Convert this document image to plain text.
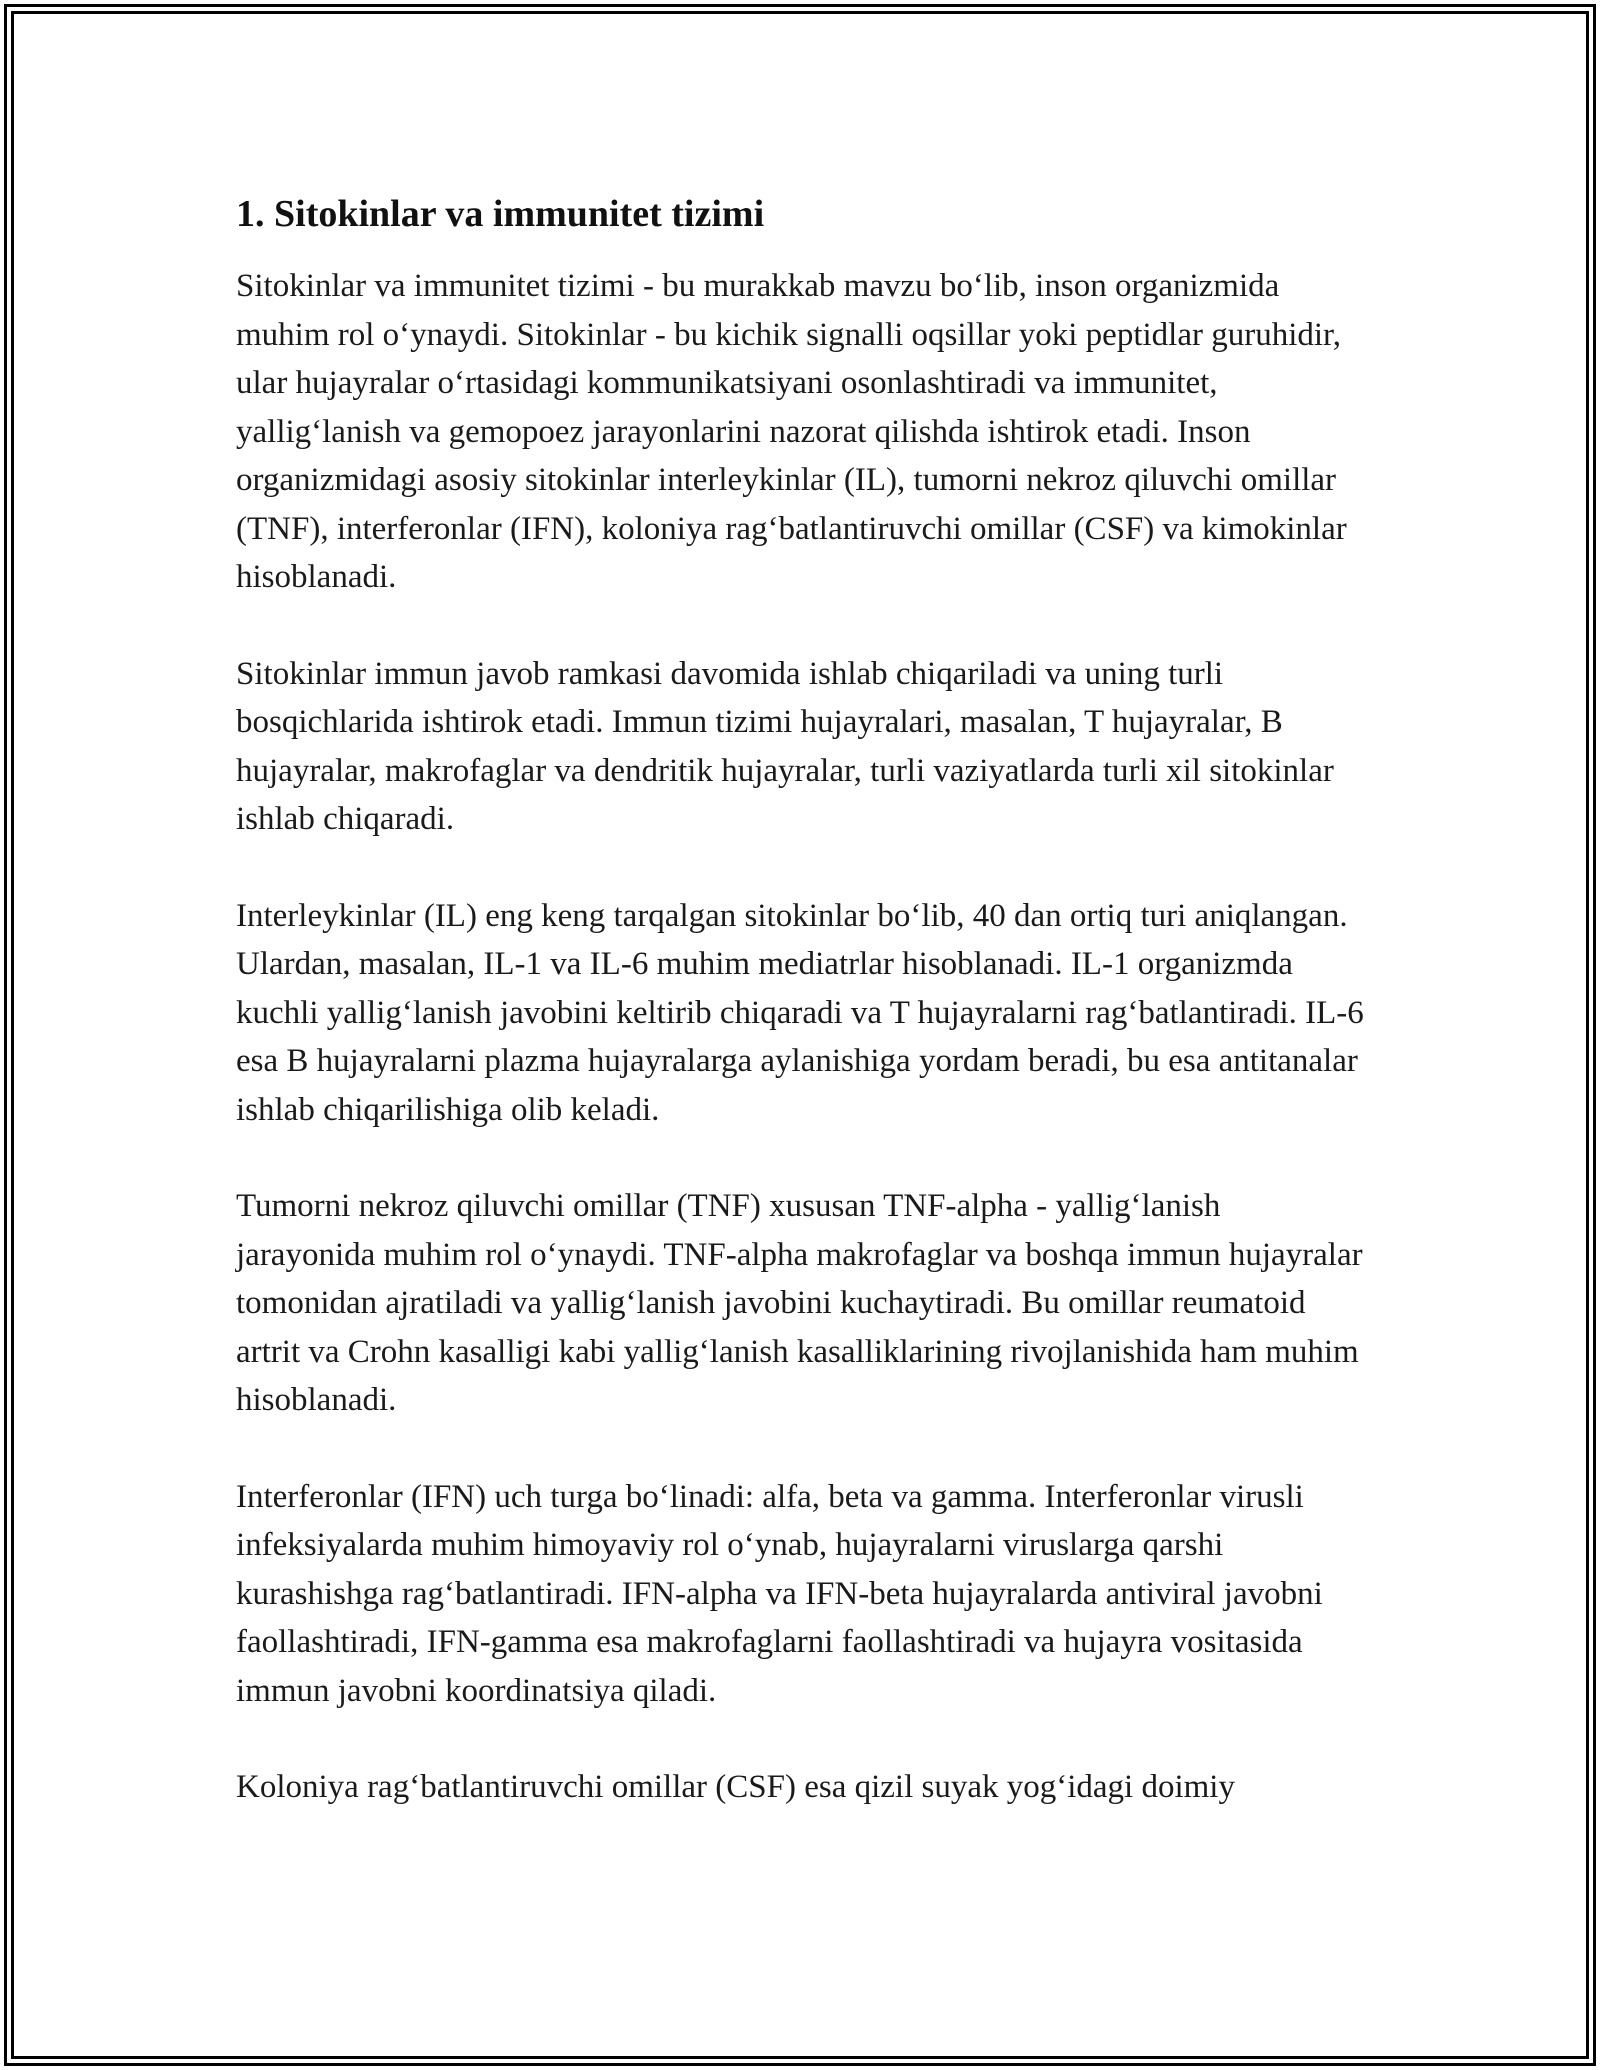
1. Sitokinlar va immunitet tizimi

Sitokinlar va immunitet tizimi - bu murakkab mavzu bo‘lib, inson organizmida muhim rol o‘ynaydi. Sitokinlar - bu kichik signalli oqsillar yoki peptidlar guruhidir, ular hujayralar o‘rtasidagi kommunikatsiyani osonlashtiradi va immunitet, yallig‘lanish va gemopoez jarayonlarini nazorat qilishda ishtirok etadi. Inson organizmidagi asosiy sitokinlar interleykinlar (IL), tumorni nekroz qiluvchi omillar (TNF), interferonlar (IFN), koloniya rag‘batlantiruvchi omillar (CSF) va kimokinlar hisoblanadi.

Sitokinlar immun javob ramkasi davomida ishlab chiqariladi va uning turli bosqichlarida ishtirok etadi. Immun tizimi hujayralari, masalan, T hujayralar, B hujayralar, makrofaglar va dendritik hujayralar, turli vaziyatlarda turli xil sitokinlar ishlab chiqaradi.

Interleykinlar (IL) eng keng tarqalgan sitokinlar bo‘lib, 40 dan ortiq turi aniqlangan. Ulardan, masalan, IL-1 va IL-6 muhim mediatrlar hisoblanadi. IL-1 organizmda kuchli yallig‘lanish javobini keltirib chiqaradi va T hujayralarni rag‘batlantiradi. IL-6 esa B hujayralarni plazma hujayralarga aylanishiga yordam beradi, bu esa antitanalar ishlab chiqarilishiga olib keladi.

Tumorni nekroz qiluvchi omillar (TNF) xususan TNF-alpha - yallig‘lanish jarayonida muhim rol o‘ynaydi. TNF-alpha makrofaglar va boshqa immun hujayralar tomonidan ajratiladi va yallig‘lanish javobini kuchaytiradi. Bu omillar reumatoid artrit va Crohn kasalligi kabi yallig‘lanish kasalliklarining rivojlanishida ham muhim hisoblanadi.

Interferonlar (IFN) uch turga bo‘linadi: alfa, beta va gamma. Interferonlar virusli infeksiyalarda muhim himoyaviy rol o‘ynab, hujayralarni viruslarga qarshi kurashishga rag‘batlantiradi. IFN-alpha va IFN-beta hujayralarda antiviral javobni faollashtiradi, IFN-gamma esa makrofaglarni faollashtiradi va hujayra vositasida immun javobni koordinatsiya qiladi.

Koloniya rag‘batlantiruvchi omillar (CSF) esa qizil suyak yog‘idagi doimiy
